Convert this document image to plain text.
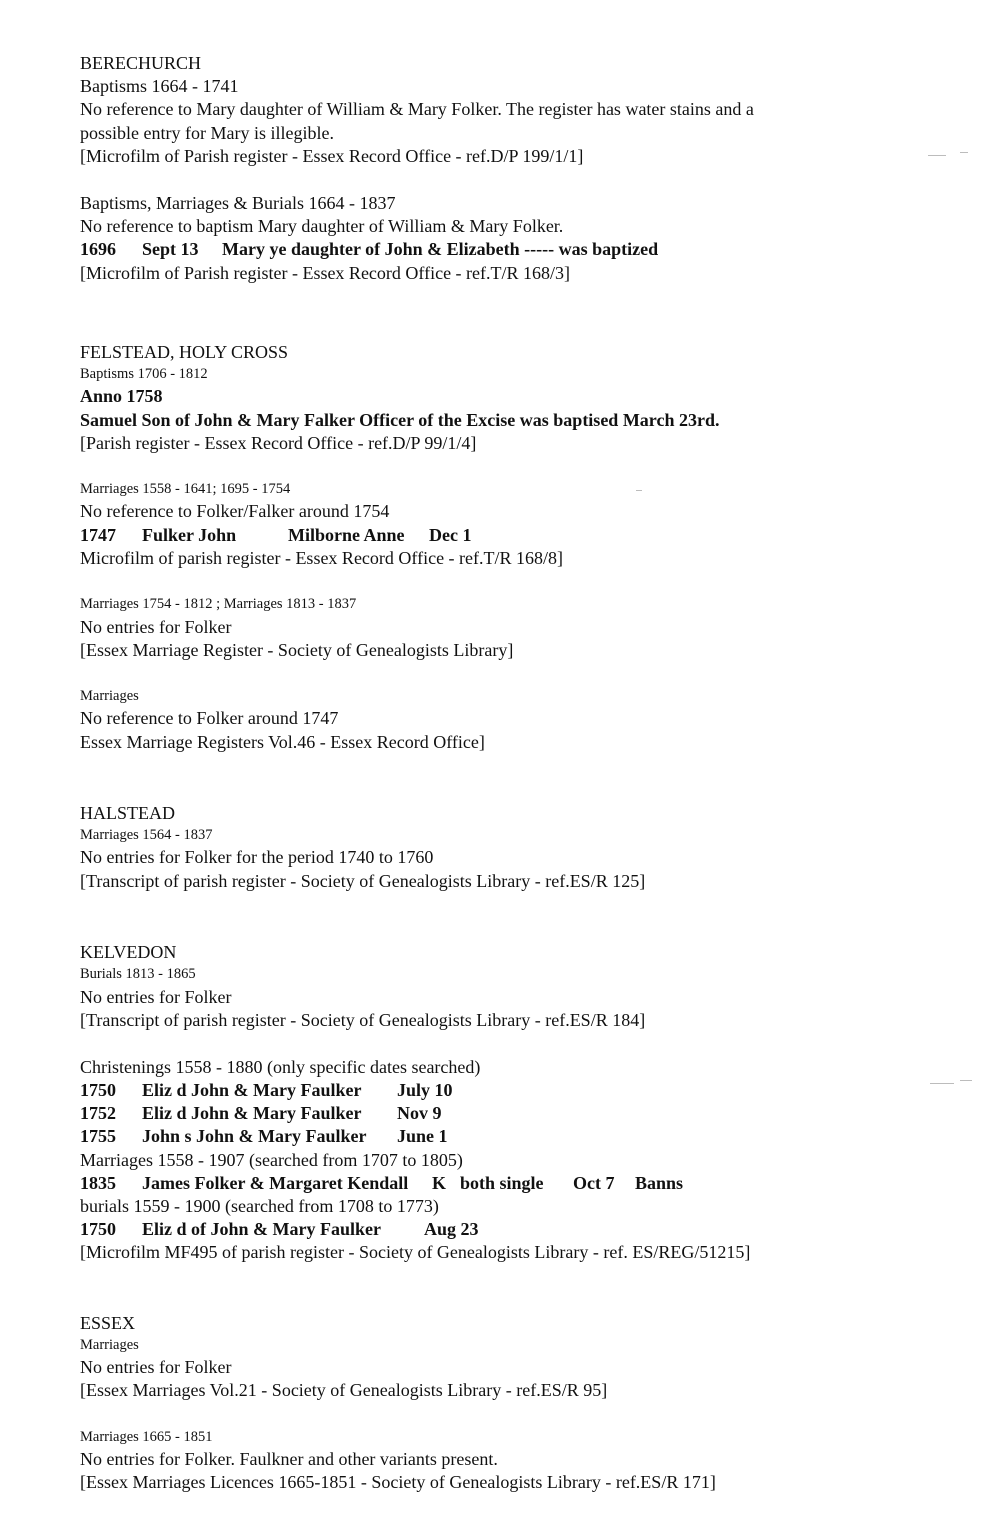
BERECHURCH
Baptisms 1664 - 1741
No reference to Mary daughter of William & Mary Folker. The register has water stains and a
possible entry for Mary is illegible.
[Microfilm of Parish register - Essex Record Office - ref.D/P 199/1/1]
Baptisms, Marriages & Burials 1664 - 1837
No reference to baptism Mary daughter of William & Mary Folker.
1696 Sept 13 Mary ye daughter of John & Elizabeth ----- was baptized
[Microfilm of Parish register - Essex Record Office - ref.T/R 168/3]
FELSTEAD, HOLY CROSS
Baptisms 1706 - 1812
Anno 1758
Samuel Son of John & Mary Falker Officer of the Excise was baptised March 23rd.
[Parish register - Essex Record Office - ref.D/P 99/1/4]
Marriages 1558 - 1641; 1695 - 1754
No reference to Folker/Falker around 1754
1747 Fulker John	Milborne Anne Dec 1
Microfilm of parish register - Essex Record Office - ref.T/R 168/8]
Marriages 1754 - 1812 ; Marriages 1813 - 1837
No entries for Folker
[Essex Marriage Register - Society of Genealogists Library]
Marriages
No reference to Folker around 1747
Essex Marriage Registers Vol.46 - Essex Record Office]
HALSTEAD
Marriages 1564 - 1837
No entries for Folker for the period 1740 to 1760
[Transcript of parish register - Society of Genealogists Library - ref.ES/R 125]
KELVEDON
Burials 1813 - 1865
No entries for Folker
[Transcript of parish register - Society of Genealogists Library - ref.ES/R 184]
Christenings 1558 - 1880 (only specific dates searched)
1750 Eliz d John & Mary Faulker July 10
1752 Eliz d John & Mary Faulker Nov 9
1755 John s John & Mary Faulker June 1
Marriages 1558 - 1907 (searched from 1707 to 1805)
1835 James Folker & Margaret Kendall K both single Oct 7 Banns
burials 1559 - 1900 (searched from 1708 to 1773)
1750 Eliz d of John & Mary Faulker Aug 23
[Microfilm MF495 of parish register - Society of Genealogists Library - ref. ES/REG/51215]
ESSEX
Marriages
No entries for Folker
[Essex Marriages Vol.21 - Society of Genealogists Library - ref.ES/R 95]
Marriages 1665 - 1851
No entries for Folker. Faulkner and other variants present.
[Essex Marriages Licences 1665-1851 - Society of Genealogists Library - ref.ES/R 171]
